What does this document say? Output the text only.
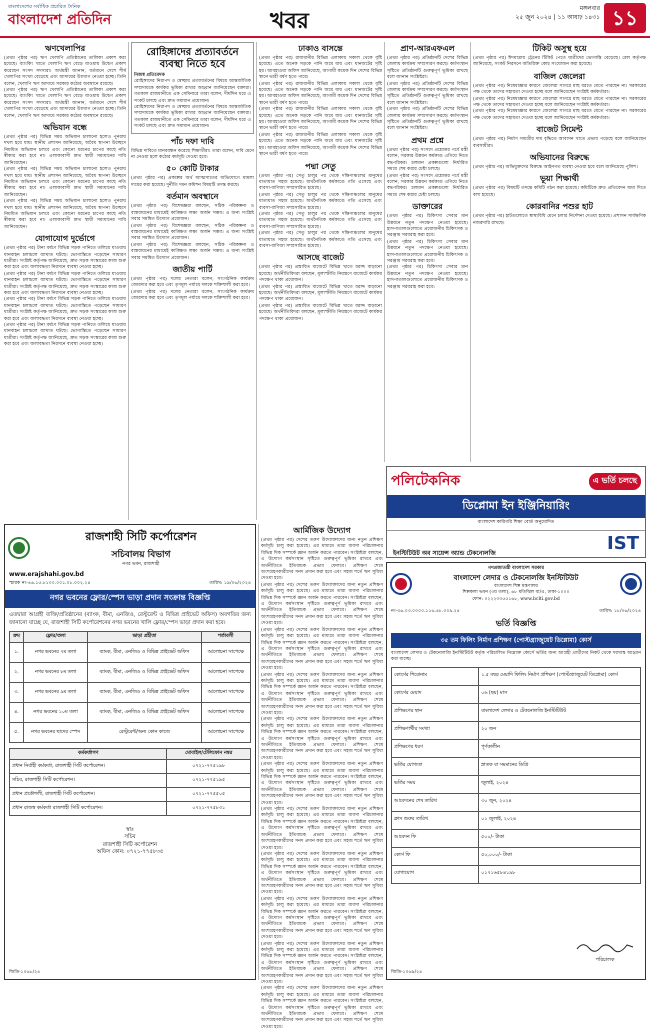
বাংলাদেশের সর্বাধিক প্রচারিত দৈনিক
বাংলাদেশ প্রতিদিন	খবর
মঙ্গলবার
২৫ জুন ২০২৪ | ১১ আষাঢ় ১৪৩১ ১১
ঋণখেলাপির
(প্রথম পৃষ্ঠার পর) ঋণ খেলাপি প্রতিষ্ঠানের তালিকা প্রকাশ করা হয়েছে। ব্যাংকিং খাতে খেলাপি ঋণ বেড়ে যাওয়ায় উদ্বেগ প্রকাশ করেছেন সংসদ সদস্যরা। অর্থমন্ত্রী জানান, বর্তমানে দেশে শীর্ষ খেলাপির সংখ্যা বেড়েছে এবং আদায়ের উদ্যোগ নেওয়া হচ্ছে। তিনি বলেন, খেলাপি ঋণ আদায়ে সরকার কঠোর অবস্থানে রয়েছে।
(প্রথম পৃষ্ঠার পর) ঋণ খেলাপি প্রতিষ্ঠানের তালিকা প্রকাশ করা হয়েছে। ব্যাংকিং খাতে খেলাপি ঋণ বেড়ে যাওয়ায় উদ্বেগ প্রকাশ করেছেন সংসদ সদস্যরা। অর্থমন্ত্রী জানান, বর্তমানে দেশে শীর্ষ খেলাপির সংখ্যা বেড়েছে এবং আদায়ের উদ্যোগ নেওয়া হচ্ছে। তিনি বলেন, খেলাপি ঋণ আদায়ে সরকার কঠোর অবস্থানে রয়েছে।
অভিযান বন্ধে
(প্রথম পৃষ্ঠার পর) বিভিন্ন সময় অভিযান চালানো হলেও পুনরায় দখল হয়ে যায়। স্থানীয় প্রশাসন জানিয়েছে, অবৈধ স্থাপনা উচ্ছেদে নিয়মিত অভিযান চলবে এবং কোনো ধরনের চাপের কাছে নতি স্বীকার করা হবে না। এলাকাবাসী দ্রুত স্থায়ী সমাধানের দাবি জানিয়েছেন।
(প্রথম পৃষ্ঠার পর) বিভিন্ন সময় অভিযান চালানো হলেও পুনরায় দখল হয়ে যায়। স্থানীয় প্রশাসন জানিয়েছে, অবৈধ স্থাপনা উচ্ছেদে নিয়মিত অভিযান চলবে এবং কোনো ধরনের চাপের কাছে নতি স্বীকার করা হবে না। এলাকাবাসী দ্রুত স্থায়ী সমাধানের দাবি জানিয়েছেন।
(প্রথম পৃষ্ঠার পর) বিভিন্ন সময় অভিযান চালানো হলেও পুনরায় দখল হয়ে যায়। স্থানীয় প্রশাসন জানিয়েছে, অবৈধ স্থাপনা উচ্ছেদে নিয়মিত অভিযান চলবে এবং কোনো ধরনের চাপের কাছে নতি স্বীকার করা হবে না। এলাকাবাসী দ্রুত স্থায়ী সমাধানের দাবি জানিয়েছেন।
যোগাযোগ দুর্ভোগে
(প্রথম পৃষ্ঠার পর) টানা বর্ষণে বিভিন্ন সড়ক পানিতে তলিয়ে যাওয়ায় যানবাহন চলাচলে ব্যাঘাত ঘটছে। ভোগান্তিতে পড়েছেন সাধারণ যাত্রীরা। সংশ্লিষ্ট কর্তৃপক্ষ জানিয়েছে, দ্রুত সড়ক সংস্কারের কাজ শুরু করা হবে এবং জলাবদ্ধতা নিরসনে ব্যবস্থা নেওয়া হচ্ছে।
(প্রথম পৃষ্ঠার পর) টানা বর্ষণে বিভিন্ন সড়ক পানিতে তলিয়ে যাওয়ায় যানবাহন চলাচলে ব্যাঘাত ঘটছে। ভোগান্তিতে পড়েছেন সাধারণ যাত্রীরা। সংশ্লিষ্ট কর্তৃপক্ষ জানিয়েছে, দ্রুত সড়ক সংস্কারের কাজ শুরু করা হবে এবং জলাবদ্ধতা নিরসনে ব্যবস্থা নেওয়া হচ্ছে।
(প্রথম পৃষ্ঠার পর) টানা বর্ষণে বিভিন্ন সড়ক পানিতে তলিয়ে যাওয়ায় যানবাহন চলাচলে ব্যাঘাত ঘটছে। ভোগান্তিতে পড়েছেন সাধারণ যাত্রীরা। সংশ্লিষ্ট কর্তৃপক্ষ জানিয়েছে, দ্রুত সড়ক সংস্কারের কাজ শুরু করা হবে এবং জলাবদ্ধতা নিরসনে ব্যবস্থা নেওয়া হচ্ছে।
(প্রথম পৃষ্ঠার পর) টানা বর্ষণে বিভিন্ন সড়ক পানিতে তলিয়ে যাওয়ায় যানবাহন চলাচলে ব্যাঘাত ঘটছে। ভোগান্তিতে পড়েছেন সাধারণ যাত্রীরা। সংশ্লিষ্ট কর্তৃপক্ষ জানিয়েছে, দ্রুত সড়ক সংস্কারের কাজ শুরু করা হবে এবং জলাবদ্ধতা নিরসনে ব্যবস্থা নেওয়া হচ্ছে।
রোহিঙ্গাদের প্রত্যাবর্তনে ব্যবস্থা নিতে হবে
নিজস্ব প্রতিবেদক
রোহিঙ্গাদের নিরাপদ ও স্বেচ্ছায় প্রত্যাবর্তনের বিষয়ে আন্তর্জাতিক সম্প্রদায়কে কার্যকর ভূমিকা রাখার আহ্বান জানিয়েছেন বক্তারা। গতকাল রাজধানীতে এক সেমিনারে তারা বলেন, দীর্ঘদিন ধরে এ সংকট চলছে এবং দ্রুত সমাধান প্রয়োজন।
রোহিঙ্গাদের নিরাপদ ও স্বেচ্ছায় প্রত্যাবর্তনের বিষয়ে আন্তর্জাতিক সম্প্রদায়কে কার্যকর ভূমিকা রাখার আহ্বান জানিয়েছেন বক্তারা। গতকাল রাজধানীতে এক সেমিনারে তারা বলেন, দীর্ঘদিন ধরে এ সংকট চলছে এবং দ্রুত সমাধান প্রয়োজন।
পাঁচ দফা দাবি
বিভিন্ন দাবিতে মানববন্ধন করেছে শিক্ষার্থীরা। তারা বলেন, দাবি মেনে না নেওয়া হলে কঠোর কর্মসূচি দেওয়া হবে।
৫০ কোটি টাকার
(প্রথম পৃষ্ঠার পর) প্রকল্পের অর্থ আত্মসাতের অভিযোগে মামলা দায়ের করা হয়েছে। দুর্নীতি দমন কমিশন বিষয়টি তদন্ত করছে।
বর্তমান অবস্থানে
(প্রথম পৃষ্ঠার পর) বিশেষজ্ঞরা বলছেন, সঠিক পরিকল্পনা ও বাস্তবায়নের মাধ্যমেই কাঙ্ক্ষিত লক্ষ্য অর্জন সম্ভব। এ জন্য সংশ্লিষ্ট সবার সমন্বিত উদ্যোগ প্রয়োজন।
(প্রথম পৃষ্ঠার পর) বিশেষজ্ঞরা বলছেন, সঠিক পরিকল্পনা ও বাস্তবায়নের মাধ্যমেই কাঙ্ক্ষিত লক্ষ্য অর্জন সম্ভব। এ জন্য সংশ্লিষ্ট সবার সমন্বিত উদ্যোগ প্রয়োজন।
(প্রথম পৃষ্ঠার পর) বিশেষজ্ঞরা বলছেন, সঠিক পরিকল্পনা ও বাস্তবায়নের মাধ্যমেই কাঙ্ক্ষিত লক্ষ্য অর্জন সম্ভব। এ জন্য সংশ্লিষ্ট সবার সমন্বিত উদ্যোগ প্রয়োজন।
জাতীয় পার্টি
(প্রথম পৃষ্ঠার পর) দলের নেতারা বলেন, সাংগঠনিক কার্যক্রম জোরদার করা হবে এবং তৃণমূল পর্যায়ে দলকে শক্তিশালী করা হবে।
(প্রথম পৃষ্ঠার পর) দলের নেতারা বলেন, সাংগঠনিক কার্যক্রম জোরদার করা হবে এবং তৃণমূল পর্যায়ে দলকে শক্তিশালী করা হবে।
ঢাকাও বাসন্তে
(প্রথম পৃষ্ঠার পর) রাজধানীর বিভিন্ন এলাকায় সকাল থেকে বৃষ্টি হয়েছে। এতে অনেক সড়কে পানি জমে যায় এবং যানজটের সৃষ্টি হয়। আবহাওয়া অফিস জানিয়েছে, আগামী কয়েক দিন দেশের বিভিন্ন স্থানে ভারী বর্ষণ হতে পারে।
(প্রথম পৃষ্ঠার পর) রাজধানীর বিভিন্ন এলাকায় সকাল থেকে বৃষ্টি হয়েছে। এতে অনেক সড়কে পানি জমে যায় এবং যানজটের সৃষ্টি হয়। আবহাওয়া অফিস জানিয়েছে, আগামী কয়েক দিন দেশের বিভিন্ন স্থানে ভারী বর্ষণ হতে পারে।
(প্রথম পৃষ্ঠার পর) রাজধানীর বিভিন্ন এলাকায় সকাল থেকে বৃষ্টি হয়েছে। এতে অনেক সড়কে পানি জমে যায় এবং যানজটের সৃষ্টি হয়। আবহাওয়া অফিস জানিয়েছে, আগামী কয়েক দিন দেশের বিভিন্ন স্থানে ভারী বর্ষণ হতে পারে।
(প্রথম পৃষ্ঠার পর) রাজধানীর বিভিন্ন এলাকায় সকাল থেকে বৃষ্টি হয়েছে। এতে অনেক সড়কে পানি জমে যায় এবং যানজটের সৃষ্টি হয়। আবহাওয়া অফিস জানিয়েছে, আগামী কয়েক দিন দেশের বিভিন্ন স্থানে ভারী বর্ষণ হতে পারে।
পদ্মা সেতু
(প্রথম পৃষ্ঠার পর) সেতু চালুর পর থেকে দক্ষিণাঞ্চলের মানুষের যাতায়াত সহজ হয়েছে। অর্থনৈতিক কর্মকাণ্ডে গতি এসেছে এবং ব্যবসা-বাণিজ্য সম্প্রসারিত হয়েছে।
(প্রথম পৃষ্ঠার পর) সেতু চালুর পর থেকে দক্ষিণাঞ্চলের মানুষের যাতায়াত সহজ হয়েছে। অর্থনৈতিক কর্মকাণ্ডে গতি এসেছে এবং ব্যবসা-বাণিজ্য সম্প্রসারিত হয়েছে।
(প্রথম পৃষ্ঠার পর) সেতু চালুর পর থেকে দক্ষিণাঞ্চলের মানুষের যাতায়াত সহজ হয়েছে। অর্থনৈতিক কর্মকাণ্ডে গতি এসেছে এবং ব্যবসা-বাণিজ্য সম্প্রসারিত হয়েছে।
(প্রথম পৃষ্ঠার পর) সেতু চালুর পর থেকে দক্ষিণাঞ্চলের মানুষের যাতায়াত সহজ হয়েছে। অর্থনৈতিক কর্মকাণ্ডে গতি এসেছে এবং ব্যবসা-বাণিজ্য সম্প্রসারিত হয়েছে।
আসছে বাজেট
(প্রথম পৃষ্ঠার পর) প্রস্তাবিত বাজেটে বিভিন্ন খাতে বরাদ্দ বাড়ানো হয়েছে। অর্থনীতিবিদরা বলছেন, মূল্যস্ফীতি নিয়ন্ত্রণে বাজেটে কার্যকর পদক্ষেপ থাকা প্রয়োজন।
(প্রথম পৃষ্ঠার পর) প্রস্তাবিত বাজেটে বিভিন্ন খাতে বরাদ্দ বাড়ানো হয়েছে। অর্থনীতিবিদরা বলছেন, মূল্যস্ফীতি নিয়ন্ত্রণে বাজেটে কার্যকর পদক্ষেপ থাকা প্রয়োজন।
(প্রথম পৃষ্ঠার পর) প্রস্তাবিত বাজেটে বিভিন্ন খাতে বরাদ্দ বাড়ানো হয়েছে। অর্থনীতিবিদরা বলছেন, মূল্যস্ফীতি নিয়ন্ত্রণে বাজেটে কার্যকর পদক্ষেপ থাকা প্রয়োজন।
প্রাণ-আরএফএল
(প্রথম পৃষ্ঠার পর) প্রতিষ্ঠানটি দেশের বিভিন্ন জেলায় কার্যক্রম সম্প্রসারণ করছে। কর্মসংস্থান সৃষ্টিতে প্রতিষ্ঠানটি গুরুত্বপূর্ণ ভূমিকা রাখছে বলে জানান সংশ্লিষ্টরা।
(প্রথম পৃষ্ঠার পর) প্রতিষ্ঠানটি দেশের বিভিন্ন জেলায় কার্যক্রম সম্প্রসারণ করছে। কর্মসংস্থান সৃষ্টিতে প্রতিষ্ঠানটি গুরুত্বপূর্ণ ভূমিকা রাখছে বলে জানান সংশ্লিষ্টরা।
(প্রথম পৃষ্ঠার পর) প্রতিষ্ঠানটি দেশের বিভিন্ন জেলায় কার্যক্রম সম্প্রসারণ করছে। কর্মসংস্থান সৃষ্টিতে প্রতিষ্ঠানটি গুরুত্বপূর্ণ ভূমিকা রাখছে বলে জানান সংশ্লিষ্টরা।
প্রথম প্রশ্নে
(প্রথম পৃষ্ঠার পর) সংসদে প্রশ্নোত্তর পর্বে মন্ত্রী বলেন, সরকার উন্নয়ন কর্মকাণ্ড এগিয়ে নিতে বদ্ধপরিকর। চলমান প্রকল্পগুলো নির্ধারিত সময়ে শেষ করার চেষ্টা চলছে।
(প্রথম পৃষ্ঠার পর) সংসদে প্রশ্নোত্তর পর্বে মন্ত্রী বলেন, সরকার উন্নয়ন কর্মকাণ্ড এগিয়ে নিতে বদ্ধপরিকর। চলমান প্রকল্পগুলো নির্ধারিত সময়ে শেষ করার চেষ্টা চলছে।
ডাক্তারের
(প্রথম পৃষ্ঠার পর) চিকিৎসা সেবার মান উন্নয়নে নতুন পদক্ষেপ নেওয়া হয়েছে। হাসপাতালগুলোতে প্রয়োজনীয় চিকিৎসক ও সরঞ্জাম সরবরাহ করা হবে।
(প্রথম পৃষ্ঠার পর) চিকিৎসা সেবার মান উন্নয়নে নতুন পদক্ষেপ নেওয়া হয়েছে। হাসপাতালগুলোতে প্রয়োজনীয় চিকিৎসক ও সরঞ্জাম সরবরাহ করা হবে।
(প্রথম পৃষ্ঠার পর) চিকিৎসা সেবার মান উন্নয়নে নতুন পদক্ষেপ নেওয়া হয়েছে। হাসপাতালগুলোতে প্রয়োজনীয় চিকিৎসক ও সরঞ্জাম সরবরাহ করা হবে।
টিকিট অসুস্থ হয়ে
(প্রথম পৃষ্ঠার পর) ঈদযাত্রায় ট্রেনের টিকিট পেতে যাত্রীদের ভোগান্তি বেড়েছে। রেল কর্তৃপক্ষ জানিয়েছে, সংকট নিরসনে অতিরিক্ত কোচ সংযোজন করা হয়েছে।
বাজিল জেলেরা
(প্রথম পৃষ্ঠার পর) নিষেধাজ্ঞার কারণে জেলেরা সাগরে মাছ ধরতে যেতে পারছেন না। সরকারের পক্ষ থেকে তাদের সহায়তা দেওয়া হচ্ছে বলে জানিয়েছেন সংশ্লিষ্ট কর্মকর্তারা।
(প্রথম পৃষ্ঠার পর) নিষেধাজ্ঞার কারণে জেলেরা সাগরে মাছ ধরতে যেতে পারছেন না। সরকারের পক্ষ থেকে তাদের সহায়তা দেওয়া হচ্ছে বলে জানিয়েছেন সংশ্লিষ্ট কর্মকর্তারা।
(প্রথম পৃষ্ঠার পর) নিষেধাজ্ঞার কারণে জেলেরা সাগরে মাছ ধরতে যেতে পারছেন না। সরকারের পক্ষ থেকে তাদের সহায়তা দেওয়া হচ্ছে বলে জানিয়েছেন সংশ্লিষ্ট কর্মকর্তারা।
বাজেট সিমেন্ট
(প্রথম পৃষ্ঠার পর) নির্মাণ সামগ্রীর দাম বৃদ্ধিতে আবাসন খাতে প্রভাব পড়েছে বলে জানিয়েছেন ব্যবসায়ীরা।
অভিযানের বিরুদ্ধে
(প্রথম পৃষ্ঠার পর) অভিযুক্তদের বিরুদ্ধে আইনগত ব্যবস্থা নেওয়া হবে বলে জানিয়েছে পুলিশ।
ভূয়া শিক্ষার্থী
(প্রথম পৃষ্ঠার পর) বিষয়টি তদন্তে কমিটি গঠন করা হয়েছে। কমিটিকে দ্রুত প্রতিবেদন জমা দিতে বলা হয়েছে।
কোরবানির পশুর হাট
(প্রথম পৃষ্ঠার পর) হাটগুলোতে স্বাস্থ্যবিধি মেনে চলার নির্দেশনা দেওয়া হয়েছে। প্রশাসন সার্বক্ষণিক নজরদারি রাখছে।
পলিটেকনিক	এ ভর্তি চলছে
ডিপ্লোমা ইন ইঞ্জিনিয়ারিং
বাংলাদেশ কারিগরি শিক্ষা বোর্ড অনুমোদিত
ইনস্টিটিউট অব সায়েন্স অ্যান্ড টেকনোলজি	IST

রাজশাহী সিটি কর্পোরেশন
সচিবালয় বিভাগ
নগর ভবন, রাজশাহী
www.erajshahi.gov.bd
স্মারক নং-৪৬.১৫.৮১০০.০০১.০৮.০০২.২৪	তারিখ: ১৯/০৬/২০২৪
নগর ভবনের ফ্লোর/স্পেস ভাড়া প্রদান সংক্রান্ত বিজ্ঞপ্তি
এতদ্বারা আগ্রহী ব্যক্তি/প্রতিষ্ঠানের (ব্যাংক, বীমা, এনজিও, রেস্টুরেন্ট ও বিভিন্ন প্রাইভেট অফিস) অবগতির জন্য জানানো যাচ্ছে যে, রাজশাহী সিটি কর্পোরেশনের নগর ভবনের খালি ফ্লোর/স্পেস ভাড়া প্রদান করা হবে।
ক্রম	ফ্লোর/তলা	ভাড়া গ্রহীতা	শর্তাবলী
১.	নগর ভবনের ৭ম তলা	ব্যাংক, বীমা, এনজিও ও বিভিন্ন প্রাইভেট অফিস	আলোচনা সাপেক্ষে
২.	নগর ভবনের ৮ম তলা	ব্যাংক, বীমা, এনজিও ও বিভিন্ন প্রাইভেট অফিস	আলোচনা সাপেক্ষে
৩.	নগর ভবনের ৯ম তলা	ব্যাংক, বীমা, এনজিও ও বিভিন্ন প্রাইভেট অফিস	আলোচনা সাপেক্ষে
৪.	নগর ভবনের ১০ম তলা	ব্যাংক, বীমা, এনজিও ও বিভিন্ন প্রাইভেট অফিস	আলোচনা সাপেক্ষে
৫.	নগর ভবনের ছাদের স্পেস	রেস্টুরেন্ট/অন্য কোন কাজে	আলোচনা সাপেক্ষে
কর্মকর্তাগণ	মোবাইল/টেলিফোন নম্বর
প্রধান নির্বাহী কর্মকর্তা, রাজশাহী সিটি কর্পোরেশন।	০৭২১-৭৭৫১৯৮
সচিব, রাজশাহী সিটি কর্পোরেশন।	০৭২১-৭৭৫১৯৫
প্রধান প্রকৌশলী, রাজশাহী সিটি কর্পোরেশন।	০৭২১-৭৭৫৫০৫
প্রধান রাজস্ব কর্মকর্তা রাজশাহী সিটি কর্পোরেশন।	০৭২১-৭৭৫৮৩১
স্বাঃ
সচিব
রাজশাহী সিটি কর্পোরেশন
অফিস কোন: ০৭২১-৭৭৫৮৩৫
জিডি-১০৬৮/২৪
আর্মিজিক উদ্যোগ
(প্রথম পৃষ্ঠার পর) দেশের তরুণ উদ্যোক্তাদের জন্য নতুন প্রশিক্ষণ কর্মসূচি চালু করা হয়েছে। এর মাধ্যমে তারা ব্যবসা পরিচালনার বিভিন্ন দিক সম্পর্কে জ্ঞান অর্জন করতে পারবেন। সংশ্লিষ্টরা বলছেন, এ উদ্যোগ কর্মসংস্থান সৃষ্টিতে গুরুত্বপূর্ণ ভূমিকা রাখবে এবং অর্থনীতিতে ইতিবাচক প্রভাব ফেলবে। প্রশিক্ষণ শেষে অংশগ্রহণকারীদের সনদ প্রদান করা হবে এবং সহজ শর্তে ঋণ সুবিধা দেওয়া হবে।
(প্রথম পৃষ্ঠার পর) দেশের তরুণ উদ্যোক্তাদের জন্য নতুন প্রশিক্ষণ কর্মসূচি চালু করা হয়েছে। এর মাধ্যমে তারা ব্যবসা পরিচালনার বিভিন্ন দিক সম্পর্কে জ্ঞান অর্জন করতে পারবেন। সংশ্লিষ্টরা বলছেন, এ উদ্যোগ কর্মসংস্থান সৃষ্টিতে গুরুত্বপূর্ণ ভূমিকা রাখবে এবং অর্থনীতিতে ইতিবাচক প্রভাব ফেলবে। প্রশিক্ষণ শেষে অংশগ্রহণকারীদের সনদ প্রদান করা হবে এবং সহজ শর্তে ঋণ সুবিধা দেওয়া হবে।
(প্রথম পৃষ্ঠার পর) দেশের তরুণ উদ্যোক্তাদের জন্য নতুন প্রশিক্ষণ কর্মসূচি চালু করা হয়েছে। এর মাধ্যমে তারা ব্যবসা পরিচালনার বিভিন্ন দিক সম্পর্কে জ্ঞান অর্জন করতে পারবেন। সংশ্লিষ্টরা বলছেন, এ উদ্যোগ কর্মসংস্থান সৃষ্টিতে গুরুত্বপূর্ণ ভূমিকা রাখবে এবং অর্থনীতিতে ইতিবাচক প্রভাব ফেলবে। প্রশিক্ষণ শেষে অংশগ্রহণকারীদের সনদ প্রদান করা হবে এবং সহজ শর্তে ঋণ সুবিধা দেওয়া হবে।
(প্রথম পৃষ্ঠার পর) দেশের তরুণ উদ্যোক্তাদের জন্য নতুন প্রশিক্ষণ কর্মসূচি চালু করা হয়েছে। এর মাধ্যমে তারা ব্যবসা পরিচালনার বিভিন্ন দিক সম্পর্কে জ্ঞান অর্জন করতে পারবেন। সংশ্লিষ্টরা বলছেন, এ উদ্যোগ কর্মসংস্থান সৃষ্টিতে গুরুত্বপূর্ণ ভূমিকা রাখবে এবং অর্থনীতিতে ইতিবাচক প্রভাব ফেলবে। প্রশিক্ষণ শেষে অংশগ্রহণকারীদের সনদ প্রদান করা হবে এবং সহজ শর্তে ঋণ সুবিধা দেওয়া হবে।
(প্রথম পৃষ্ঠার পর) দেশের তরুণ উদ্যোক্তাদের জন্য নতুন প্রশিক্ষণ কর্মসূচি চালু করা হয়েছে। এর মাধ্যমে তারা ব্যবসা পরিচালনার বিভিন্ন দিক সম্পর্কে জ্ঞান অর্জন করতে পারবেন। সংশ্লিষ্টরা বলছেন, এ উদ্যোগ কর্মসংস্থান সৃষ্টিতে গুরুত্বপূর্ণ ভূমিকা রাখবে এবং অর্থনীতিতে ইতিবাচক প্রভাব ফেলবে। প্রশিক্ষণ শেষে অংশগ্রহণকারীদের সনদ প্রদান করা হবে এবং সহজ শর্তে ঋণ সুবিধা দেওয়া হবে।
(প্রথম পৃষ্ঠার পর) দেশের তরুণ উদ্যোক্তাদের জন্য নতুন প্রশিক্ষণ কর্মসূচি চালু করা হয়েছে। এর মাধ্যমে তারা ব্যবসা পরিচালনার বিভিন্ন দিক সম্পর্কে জ্ঞান অর্জন করতে পারবেন। সংশ্লিষ্টরা বলছেন, এ উদ্যোগ কর্মসংস্থান সৃষ্টিতে গুরুত্বপূর্ণ ভূমিকা রাখবে এবং অর্থনীতিতে ইতিবাচক প্রভাব ফেলবে। প্রশিক্ষণ শেষে অংশগ্রহণকারীদের সনদ প্রদান করা হবে এবং সহজ শর্তে ঋণ সুবিধা দেওয়া হবে।
(প্রথম পৃষ্ঠার পর) দেশের তরুণ উদ্যোক্তাদের জন্য নতুন প্রশিক্ষণ কর্মসূচি চালু করা হয়েছে। এর মাধ্যমে তারা ব্যবসা পরিচালনার বিভিন্ন দিক সম্পর্কে জ্ঞান অর্জন করতে পারবেন। সংশ্লিষ্টরা বলছেন, এ উদ্যোগ কর্মসংস্থান সৃষ্টিতে গুরুত্বপূর্ণ ভূমিকা রাখবে এবং অর্থনীতিতে ইতিবাচক প্রভাব ফেলবে। প্রশিক্ষণ শেষে অংশগ্রহণকারীদের সনদ প্রদান করা হবে এবং সহজ শর্তে ঋণ সুবিধা দেওয়া হবে।
(প্রথম পৃষ্ঠার পর) দেশের তরুণ উদ্যোক্তাদের জন্য নতুন প্রশিক্ষণ কর্মসূচি চালু করা হয়েছে। এর মাধ্যমে তারা ব্যবসা পরিচালনার বিভিন্ন দিক সম্পর্কে জ্ঞান অর্জন করতে পারবেন। সংশ্লিষ্টরা বলছেন, এ উদ্যোগ কর্মসংস্থান সৃষ্টিতে গুরুত্বপূর্ণ ভূমিকা রাখবে এবং অর্থনীতিতে ইতিবাচক প্রভাব ফেলবে। প্রশিক্ষণ শেষে অংশগ্রহণকারীদের সনদ প্রদান করা হবে এবং সহজ শর্তে ঋণ সুবিধা দেওয়া হবে।
(প্রথম পৃষ্ঠার পর) দেশের তরুণ উদ্যোক্তাদের জন্য নতুন প্রশিক্ষণ কর্মসূচি চালু করা হয়েছে। এর মাধ্যমে তারা ব্যবসা পরিচালনার বিভিন্ন দিক সম্পর্কে জ্ঞান অর্জন করতে পারবেন। সংশ্লিষ্টরা বলছেন, এ উদ্যোগ কর্মসংস্থান সৃষ্টিতে গুরুত্বপূর্ণ ভূমিকা রাখবে এবং অর্থনীতিতে ইতিবাচক প্রভাব ফেলবে। প্রশিক্ষণ শেষে অংশগ্রহণকারীদের সনদ প্রদান করা হবে এবং সহজ শর্তে ঋণ সুবিধা দেওয়া হবে।
(প্রথম পৃষ্ঠার পর) দেশের তরুণ উদ্যোক্তাদের জন্য নতুন প্রশিক্ষণ কর্মসূচি চালু করা হয়েছে। এর মাধ্যমে তারা ব্যবসা পরিচালনার বিভিন্ন দিক সম্পর্কে জ্ঞান অর্জন করতে পারবেন। সংশ্লিষ্টরা বলছেন, এ উদ্যোগ কর্মসংস্থান সৃষ্টিতে গুরুত্বপূর্ণ ভূমিকা রাখবে এবং অর্থনীতিতে ইতিবাচক প্রভাব ফেলবে। প্রশিক্ষণ শেষে অংশগ্রহণকারীদের সনদ প্রদান করা হবে এবং সহজ শর্তে ঋণ সুবিধা দেওয়া হবে।
(প্রথম পৃষ্ঠার পর) দেশের তরুণ উদ্যোক্তাদের জন্য নতুন প্রশিক্ষণ কর্মসূচি চালু করা হয়েছে। এর মাধ্যমে তারা ব্যবসা পরিচালনার বিভিন্ন দিক সম্পর্কে জ্ঞান অর্জন করতে পারবেন। সংশ্লিষ্টরা বলছেন, এ উদ্যোগ কর্মসংস্থান সৃষ্টিতে গুরুত্বপূর্ণ ভূমিকা রাখবে এবং অর্থনীতিতে ইতিবাচক প্রভাব ফেলবে। প্রশিক্ষণ শেষে অংশগ্রহণকারীদের সনদ প্রদান করা হবে এবং সহজ শর্তে ঋণ সুবিধা দেওয়া হবে।
গণপ্রজাতন্ত্রী বাংলাদেশ সরকার
বাংলাদেশ লেদার ও টেকনোলজি ইনস্টিটিউট
বাংলাদেশ শিল্প মন্ত্রণালয়
শিল্পকলা ভবন (৩য় তলা), ৬৮ মতিঝিল বা/এ, ঢাকা-১০০০
ফোন: ০২২২৩৩৫৫১৬৮, www.bclti.gov.bd
নং-৩৬.০৩.০০০০.১১৬.৪৮.০০৯.২৪	তারিখ: ১৮/০৬/২০২৪
ভর্তি বিজ্ঞপ্তি
৩৫ তম ফিলিং নির্মাণ প্রশিক্ষণ (পোস্টগ্র্যাজুয়েট ডিপ্লোমা) কোর্স
বাংলাদেশ লেদার ও টেকনোলজি ইনস্টিটিউট কর্তৃক পরিচালিত নিম্নোক্ত কোর্সে ভর্তির জন্য আগ্রহী প্রার্থীদের নিকট থেকে দরখাস্ত আহ্বান করা যাচ্ছে।
কোর্সের শিরোনাম	১.৫ বছর মেয়াদি ফিলিং নির্মাণ প্রশিক্ষণ (পোস্টগ্র্যাজুয়েট ডিপ্লোমা) কোর্স
কোর্সের মেয়াদ	০৬ (ছয়) মাস
প্রশিক্ষণের স্থান	বাংলাদেশ লেদার ও টেকনোলজি ইনস্টিটিউট
প্রশিক্ষণার্থীর সংখ্যা	২০ জন
প্রশিক্ষণের ধরণ	পূর্ণকালীন
ভর্তির যোগ্যতা	স্নাতক বা সমমানের ডিগ্রি
ভর্তির সময়	জুলাই, ২০২৪
আবেদনের শেষ তারিখ	৩০ জুন, ২০২৪
ক্লাস শুরুর তারিখ	০১ জুলাই, ২০২৪
আবেদন ফি	৫০০/- টাকা
কোর্স ফি	৫০,০০০/- টাকা
যোগাযোগ	০১৭১৬৫৮৪১৯৮
পরিচালক
জিডি-১০৬৯/২৪
